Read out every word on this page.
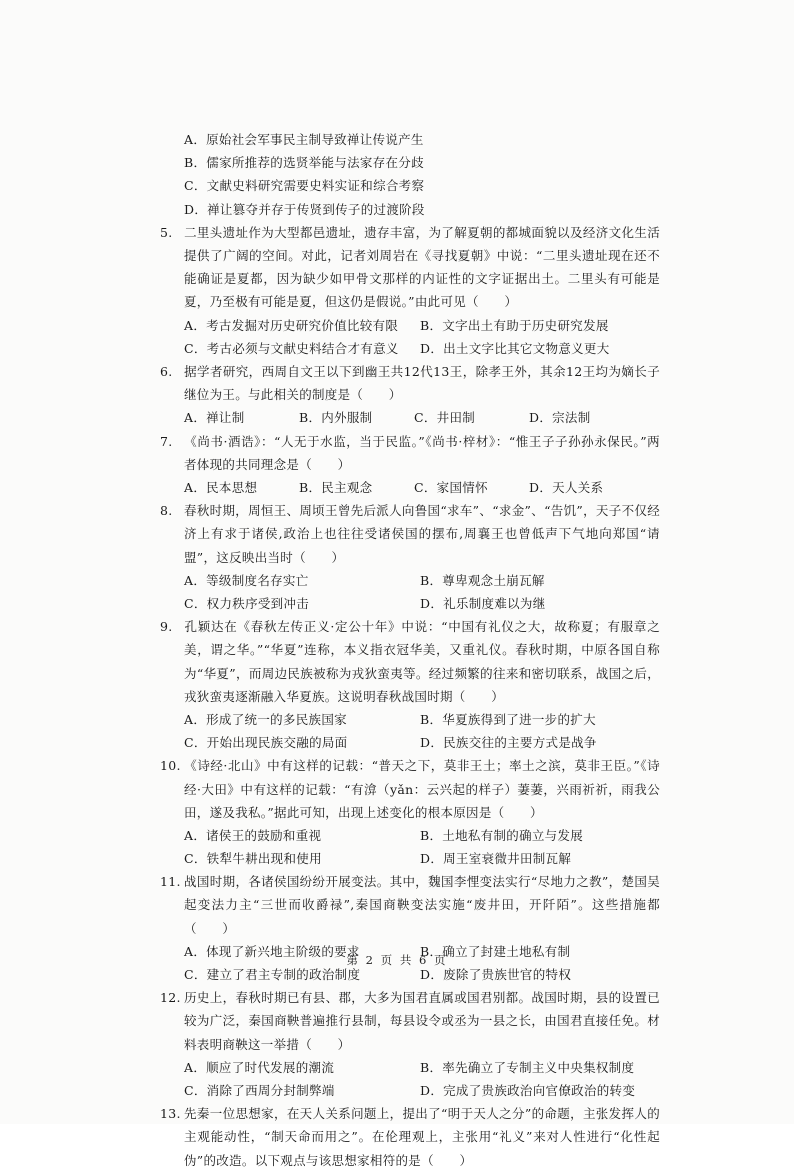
A．原始社会军事民主制导致禅让传说产生
B．儒家所推荐的选贤举能与法家存在分歧
C．文献史料研究需要史料实证和综合考察
D．禅让篡夺并存于传贤到传子的过渡阶段

5. 二里头遗址作为大型都邑遗址，遗存丰富，为了解夏朝的都城面貌以及经济文化生活提供了广阔的空间。对此，记者刘周岩在《寻找夏朝》中说：“二里头遗址现在还不能确证是夏都，因为缺少如甲骨文那样的内证性的文字证据出土。二里头有可能是夏，乃至极有可能是夏，但这仍是假说。”由此可见（　　）

A．考古发掘对历史研究价值比较有限	B．文字出土有助于历史研究发展
C．考古必须与文献史料结合才有意义	D．出土文字比其它文物意义更大

6. 据学者研究，西周自文王以下到幽王共12代13王，除孝王外，其余12王均为嫡长子继位为王。与此相关的制度是（　　）

A．禅让制	B．内外服制	C．井田制	D．宗法制

7. 《尚书·酒诰》：“人无于水监，当于民监。”《尚书·梓材》：“惟王子子孙孙永保民。”两者体现的共同理念是（　　）

A．民本思想	B．民主观念	C．家国情怀	D．天人关系

8. 春秋时期，周恒王、周顷王曾先后派人向鲁国“求车”、“求金”、“告饥”，天子不仅经济上有求于诸侯,政治上也往往受诸侯国的摆布,周襄王也曾低声下气地向郑国“请盟”，这反映出当时（　　）

A．等级制度名存实亡	B．尊卑观念土崩瓦解
C．权力秩序受到冲击	D．礼乐制度难以为继

9. 孔颖达在《春秋左传正义·定公十年》中说：“中国有礼仪之大，故称夏；有服章之美，谓之华。”“华夏”连称，本义指衣冠华美，又重礼仪。春秋时期，中原各国自称为“华夏”，而周边民族被称为戎狄蛮夷等。经过频繁的往来和密切联系，战国之后，戎狄蛮夷逐渐融入华夏族。这说明春秋战国时期（　　）

A．形成了统一的多民族国家	B．华夏族得到了进一步的扩大
C．开始出现民族交融的局面	D．民族交往的主要方式是战争

10. 《诗经·北山》中有这样的记载：“普天之下，莫非王土；率土之滨，莫非王臣。”《诗经·大田》中有这样的记载：“有渰（yǎn：云兴起的样子）萋萋，兴雨祈祈，雨我公田，遂及我私。”据此可知，出现上述变化的根本原因是（　　）

A．诸侯王的鼓励和重视	B．土地私有制的确立与发展
C．铁犁牛耕出现和使用	D．周王室衰微井田制瓦解

11. 战国时期，各诸侯国纷纷开展变法。其中，魏国李悝变法实行“尽地力之教”，楚国吴起变法力主“三世而收爵禄”,秦国商鞅变法实施“废井田，开阡陌”。这些措施都（　　）

A．体现了新兴地主阶级的要求	B．确立了封建土地私有制
C．建立了君主专制的政治制度	D．废除了贵族世官的特权

12. 历史上，春秋时期已有县、郡，大多为国君直属或国君别都。战国时期，县的设置已较为广泛，秦国商鞅普遍推行县制，每县设令或丞为一县之长，由国君直接任免。材料表明商鞅这一举措（　　）

A．顺应了时代发展的潮流	B．率先确立了专制主义中央集权制度
C．消除了西周分封制弊端	D．完成了贵族政治向官僚政治的转变

13. 先秦一位思想家，在天人关系问题上，提出了“明于天人之分”的命题，主张发挥人的主观能动性，“制天命而用之”。在伦理观上，主张用“礼义”来对人性进行“化性起伪”的改造。以下观点与该思想家相符的是（　　）

第 2 页 共 6 页
